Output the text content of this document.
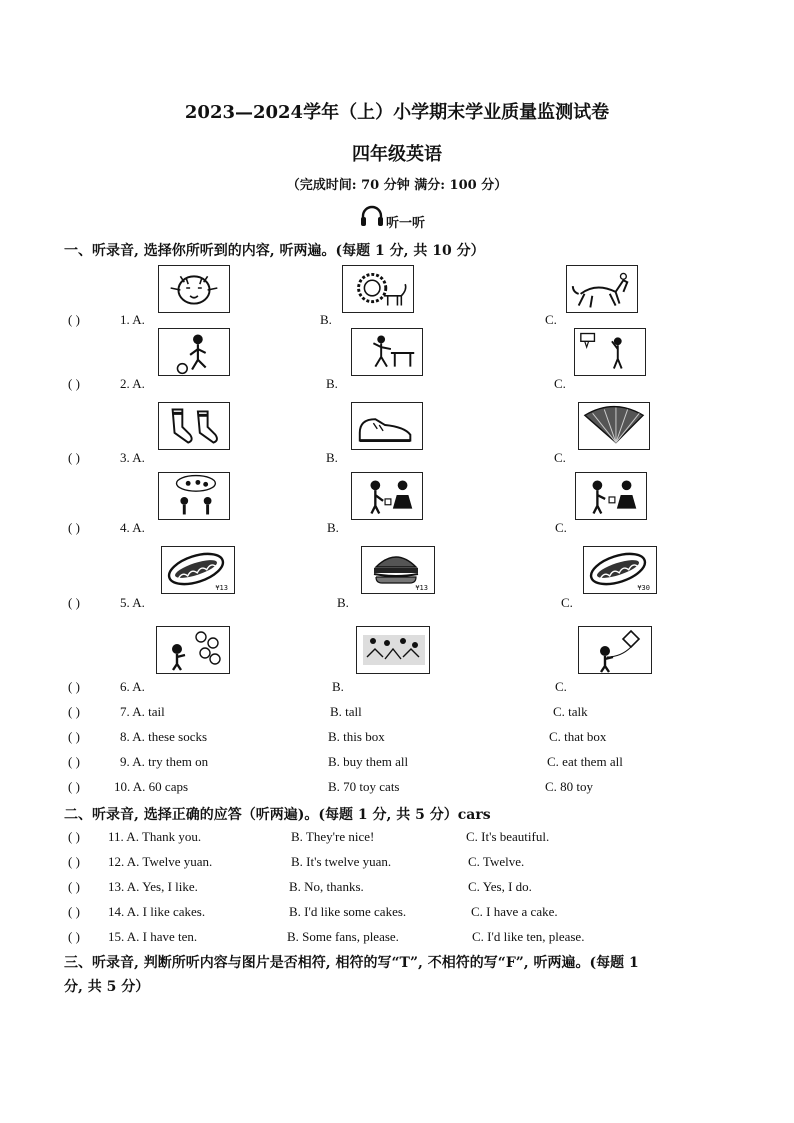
2023—2024学年（上）小学期末学业质量监测试卷
四年级英语
（完成时间: 70 分钟 满分: 100 分）
听一听
一、听录音, 选择你所听到的内容, 听两遍。(每题 1 分, 共 10 分）
( )	1. A.	B.	C.
( )	2. A.	B.	C.
( )	3. A.	B.	C.
( )	4. A.	B.	C.
( )	5. A.	B.	C.
¥13	¥13	¥30
( )	6. A.	B.	C.
( )	7. A. tail	B. tall	C. talk
( )	8. A. these socks	B. this box	C. that box
( )	9. A. try them on	B. buy them all	C. eat them all
( )	10. A. 60 caps	B. 70 toy cats	C. 80 toy
二、听录音, 选择正确的应答（听两遍)。(每题 1 分, 共 5 分）cars
( ) 11. A. Thank you.	B. They're nice!	C. It's beautiful.
( ) 12. A. Twelve yuan.	B. It's twelve yuan.	C. Twelve.
( ) 13. A. Yes, I like.	B. No, thanks.	C. Yes, I do.
( ) 14. A. I like cakes.	B. I'd like some cakes.	C. I have a cake.
( ) 15. A. I have ten.	B. Some fans, please.	C. I'd like ten, please.
三、听录音, 判断所听内容与图片是否相符, 相符的写“T”, 不相符的写“F”, 听两遍。(每题 1
分, 共 5 分）
